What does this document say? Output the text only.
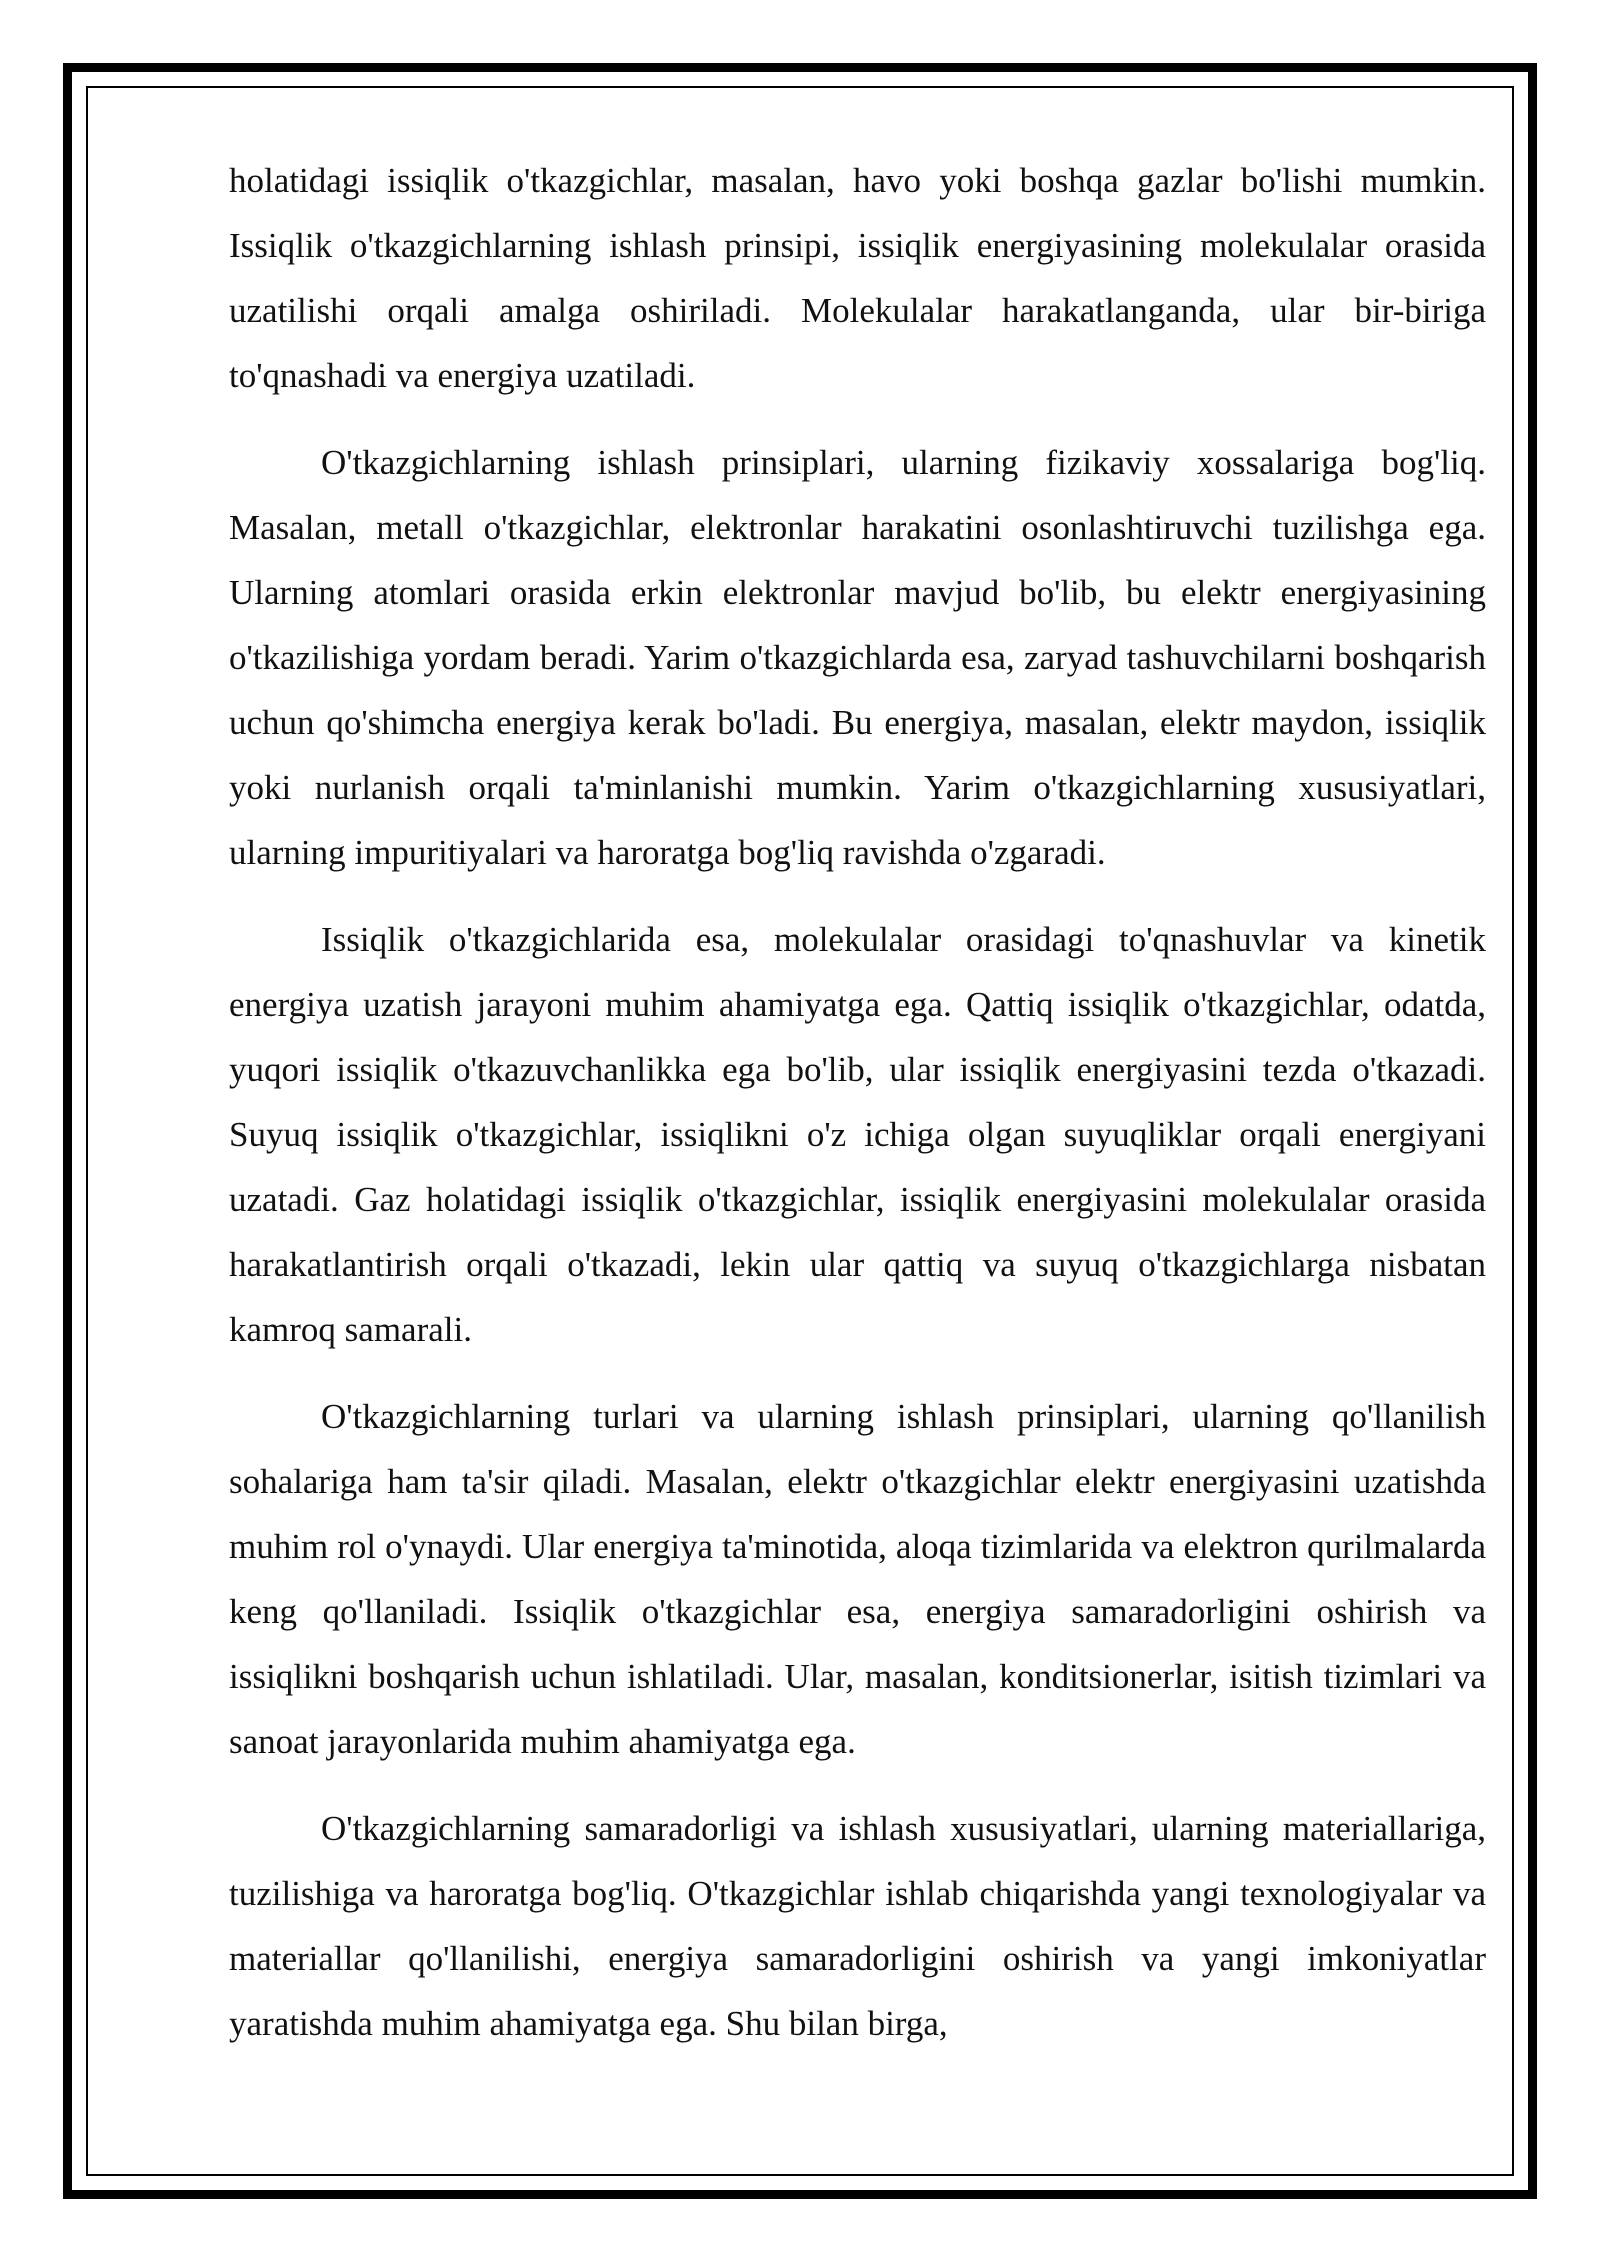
holatidagi issiqlik o'tkazgichlar, masalan, havo yoki boshqa gazlar bo'lishi mumkin. Issiqlik o'tkazgichlarning ishlash prinsipi, issiqlik energiyasining molekulalar orasida uzatilishi orqali amalga oshiriladi. Molekulalar harakatlanganda, ular bir-biriga to'qnashadi va energiya uzatiladi.

O'tkazgichlarning ishlash prinsiplari, ularning fizikaviy xossalariga bog'liq. Masalan, metall o'tkazgichlar, elektronlar harakatini osonlashtiruvchi tuzilishga ega. Ularning atomlari orasida erkin elektronlar mavjud bo'lib, bu elektr energiyasining o'tkazilishiga yordam beradi. Yarim o'tkazgichlarda esa, zaryad tashuvchilarni boshqarish uchun qo'shimcha energiya kerak bo'ladi. Bu energiya, masalan, elektr maydon, issiqlik yoki nurlanish orqali ta'minlanishi mumkin. Yarim o'tkazgichlarning xususiyatlari, ularning impuritiyalari va haroratga bog'liq ravishda o'zgaradi.

Issiqlik o'tkazgichlarida esa, molekulalar orasidagi to'qnashuvlar va kinetik energiya uzatish jarayoni muhim ahamiyatga ega. Qattiq issiqlik o'tkazgichlar, odatda, yuqori issiqlik o'tkazuvchanlikka ega bo'lib, ular issiqlik energiyasini tezda o'tkazadi. Suyuq issiqlik o'tkazgichlar, issiqlikni o'z ichiga olgan suyuqliklar orqali energiyani uzatadi. Gaz holatidagi issiqlik o'tkazgichlar, issiqlik energiyasini molekulalar orasida harakatlantirish orqali o'tkazadi, lekin ular qattiq va suyuq o'tkazgichlarga nisbatan kamroq samarali.

O'tkazgichlarning turlari va ularning ishlash prinsiplari, ularning qo'llanilish sohalariga ham ta'sir qiladi. Masalan, elektr o'tkazgichlar elektr energiyasini uzatishda muhim rol o'ynaydi. Ular energiya ta'minotida, aloqa tizimlarida va elektron qurilmalarda keng qo'llaniladi. Issiqlik o'tkazgichlar esa, energiya samaradorligini oshirish va issiqlikni boshqarish uchun ishlatiladi. Ular, masalan, konditsionerlar, isitish tizimlari va sanoat jarayonlarida muhim ahamiyatga ega.

O'tkazgichlarning samaradorligi va ishlash xususiyatlari, ularning materiallariga, tuzilishiga va haroratga bog'liq. O'tkazgichlar ishlab chiqarishda yangi texnologiyalar va materiallar qo'llanilishi, energiya samaradorligini oshirish va yangi imkoniyatlar yaratishda muhim ahamiyatga ega. Shu bilan birga,
